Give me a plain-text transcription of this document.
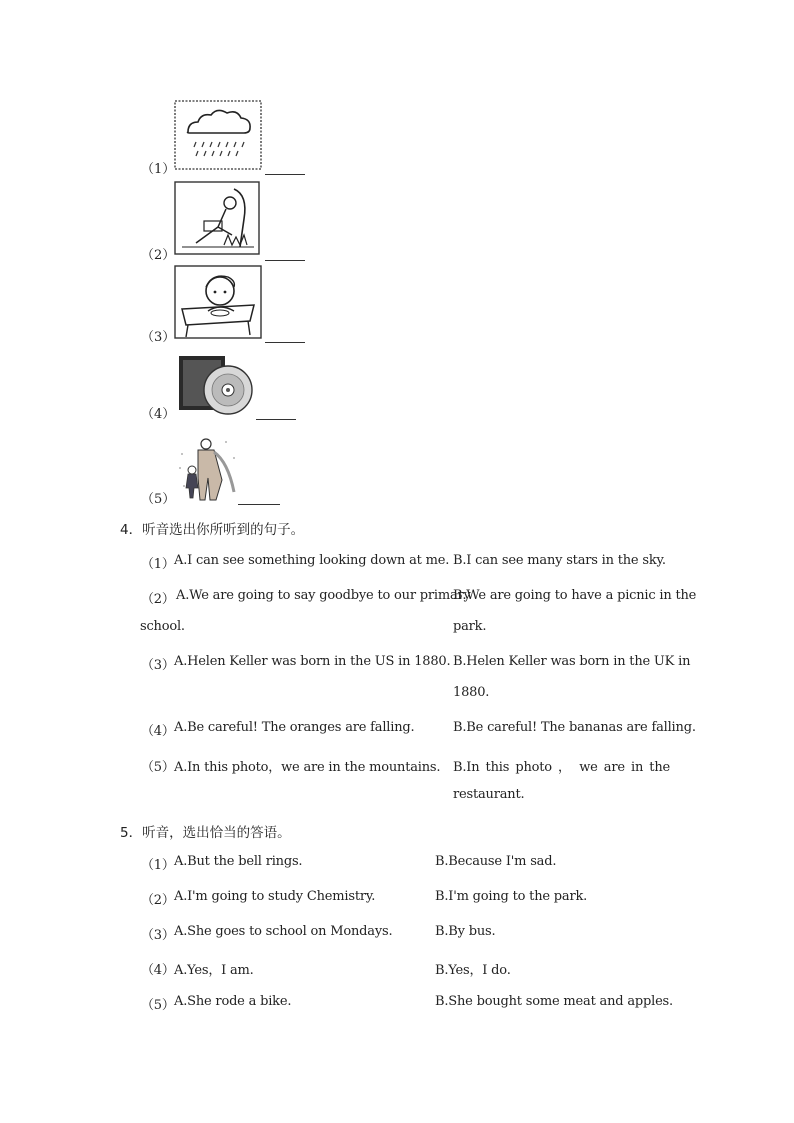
（1）
（2）
（3）
（4）
（5）
4．听音选出你所听到的句子。
（1） A.I can see something looking down at me. B.I can see many stars in the sky.
（2） A.We are going to say goodbye to our primary
school.
B.We are going to have a picnic in the
park.
（3） A.Helen Keller was born in the US in 1880. B.Helen Keller was born in the UK in
1880.
（4） A.Be careful! The oranges are falling.	B.Be careful! The bananas are falling.
（5） A.In this photo，we are in the mountains. B.In this photo ， we are in the
restaurant.
5．听音，选出恰当的答语。
（1） A.But the bell rings.	B.Because I'm sad.
（2） A.I'm going to study Chemistry.	B.I'm going to the park.
（3） A.She goes to school on Mondays.	B.By bus.
（4） A.Yes，I am.	B.Yes，I do.
（5） A.She rode a bike.	B.She bought some meat and apples.
